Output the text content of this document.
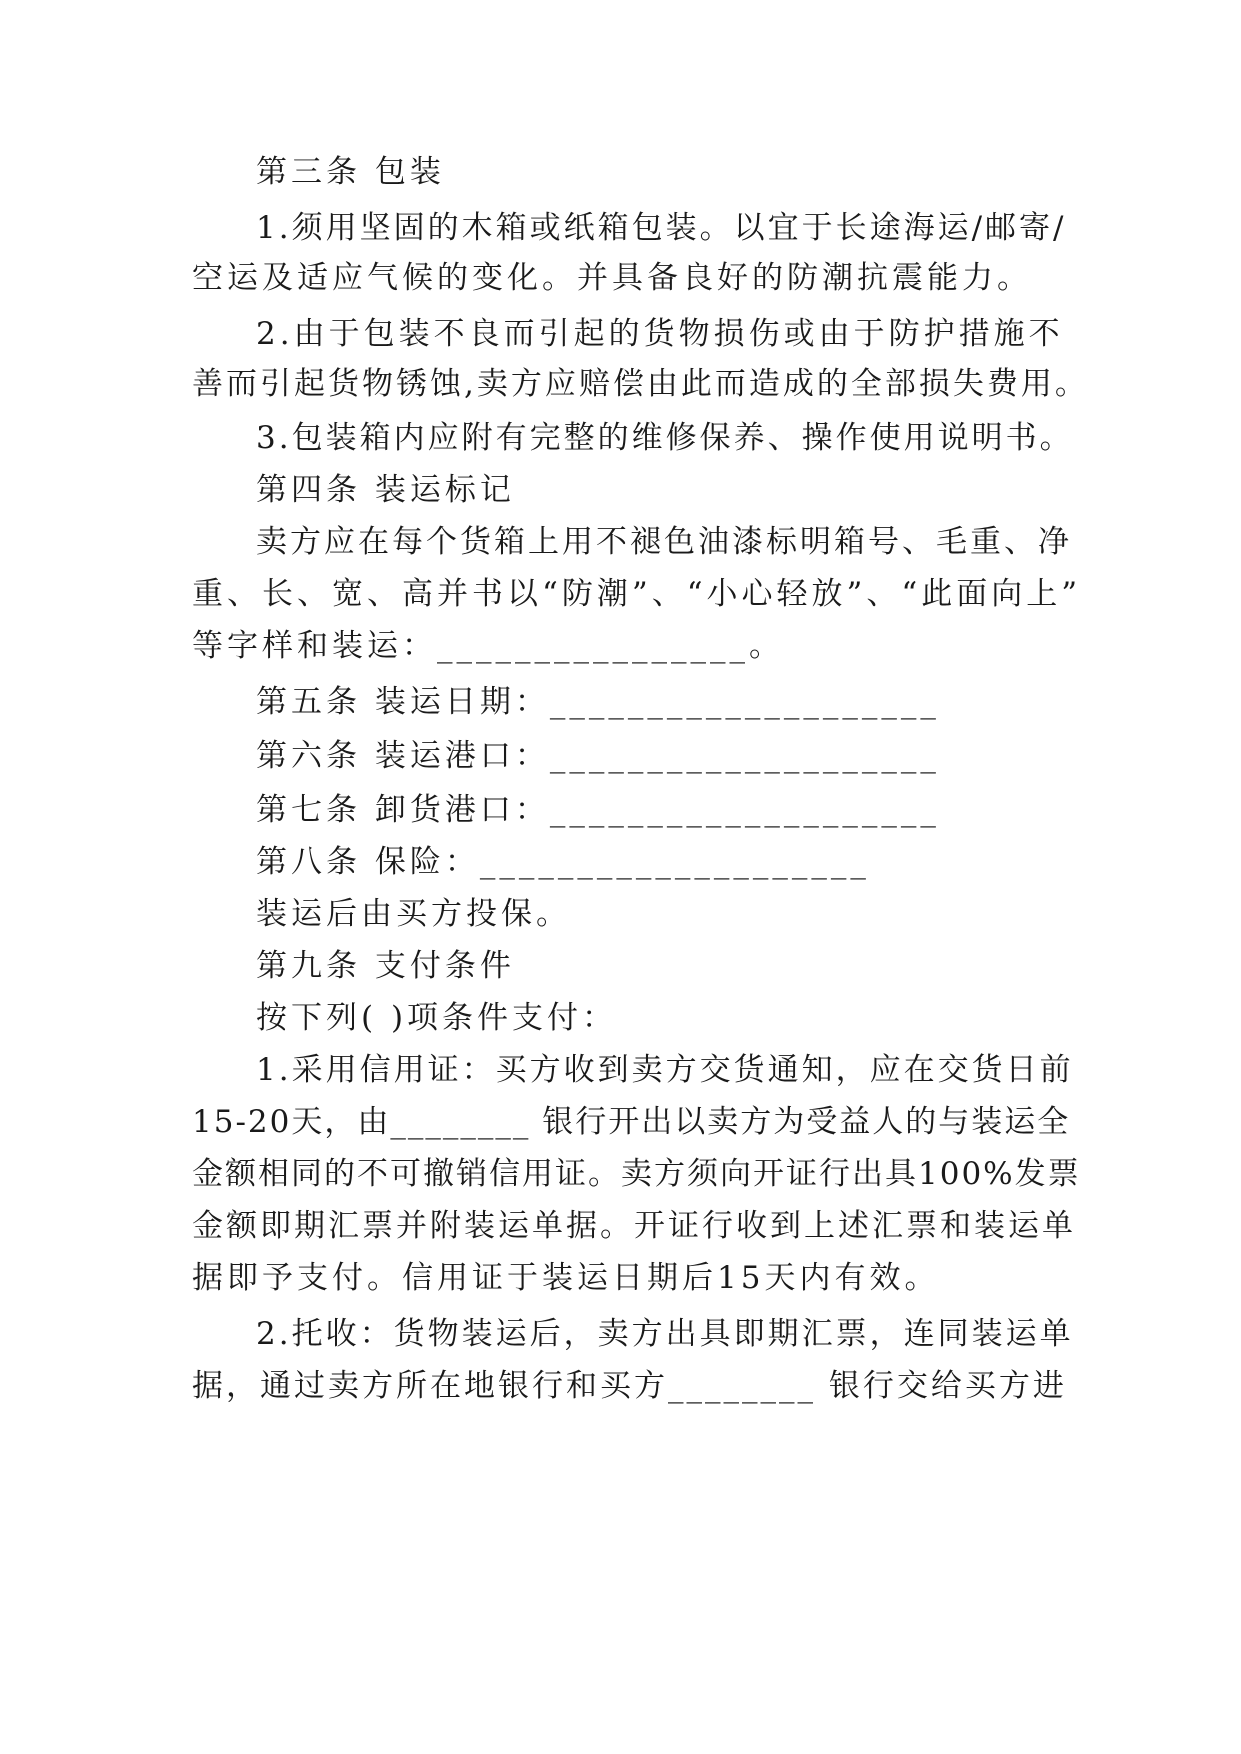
第三条 包装
1.须用坚固的木箱或纸箱包装。以宜于长途海运/邮寄/
空运及适应气候的变化。并具备良好的防潮抗震能力。
2.由于包装不良而引起的货物损伤或由于防护措施不
善而引起货物锈蚀,卖方应赔偿由此而造成的全部损失费用。
3.包装箱内应附有完整的维修保养、操作使用说明书。
第四条 装运标记
卖方应在每个货箱上用不褪色油漆标明箱号、毛重、净
重、长、宽、高并书以“防潮”、“小心轻放”、“此面向上”
等字样和装运：________________。
第五条 装运日期：____________________
第六条 装运港口：____________________
第七条 卸货港口：____________________
第八条 保险：____________________
装运后由买方投保。
第九条 支付条件
按下列( )项条件支付：
1.采用信用证：买方收到卖方交货通知，应在交货日前
15-20天，由________ 银行开出以卖方为受益人的与装运全
金额相同的不可撤销信用证。卖方须向开证行出具100%发票
金额即期汇票并附装运单据。开证行收到上述汇票和装运单
据即予支付。信用证于装运日期后15天内有效。
2.托收：货物装运后，卖方出具即期汇票，连同装运单
据，通过卖方所在地银行和买方________ 银行交给买方进
